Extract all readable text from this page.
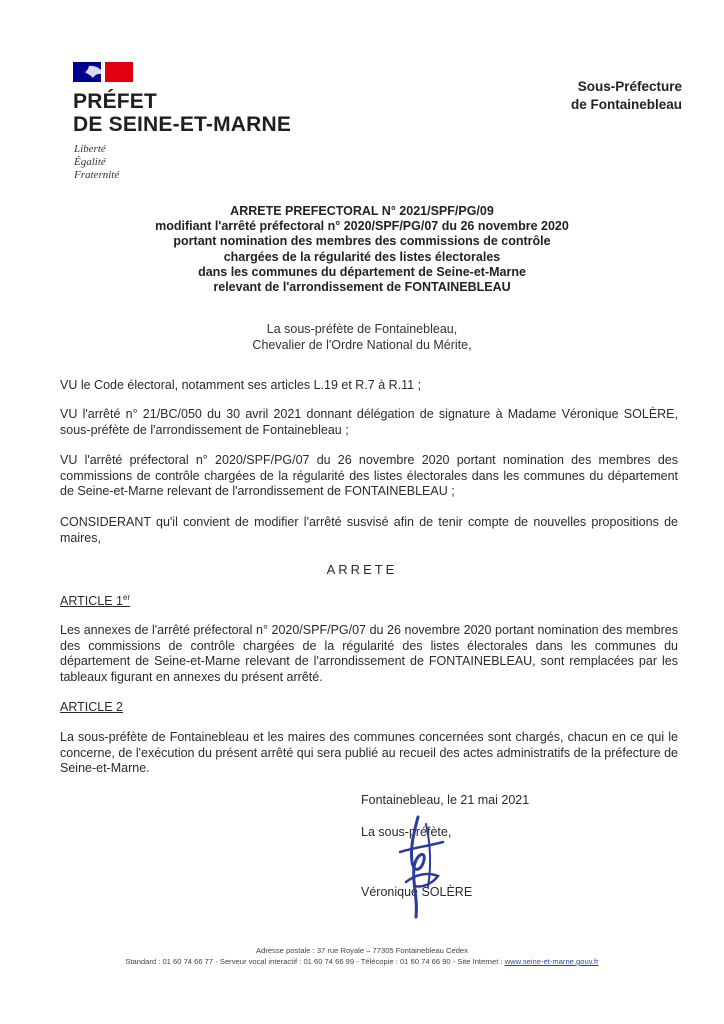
PRÉFET
DE SEINE-ET-MARNE
Liberté
Égalité
Fraternité
Sous-Préfecture
de Fontainebleau
ARRETE PREFECTORAL N° 2021/SPF/PG/09
modifiant l'arrêté préfectoral n° 2020/SPF/PG/07 du 26 novembre 2020
portant nomination des membres des commissions de contrôle
chargées de la régularité des listes électorales
dans les communes du département de Seine-et-Marne
relevant de l'arrondissement de FONTAINEBLEAU
La sous-préfète de Fontainebleau,
Chevalier de l'Ordre National du Mérite,
VU le Code électoral, notamment ses articles L.19 et R.7 à R.11 ;
VU l'arrêté n° 21/BC/050 du 30 avril 2021 donnant délégation de signature à Madame Véronique SOLÈRE, sous-préfète de l'arrondissement de Fontainebleau ;
VU l'arrêté préfectoral n° 2020/SPF/PG/07 du 26 novembre 2020 portant nomination des membres des commissions de contrôle chargées de la régularité des listes électorales dans les communes du département de Seine-et-Marne relevant de l'arrondissement de FONTAINEBLEAU ;
CONSIDERANT qu'il convient de modifier l'arrêté susvisé afin de tenir compte de nouvelles propositions de maires,
ARRETE
ARTICLE 1er
Les annexes de l'arrêté préfectoral n° 2020/SPF/PG/07 du 26 novembre 2020 portant nomination des membres des commissions de contrôle chargées de la régularité des listes électorales dans les communes du département de Seine-et-Marne relevant de l'arrondissement de FONTAINEBLEAU, sont remplacées par les tableaux figurant en annexes du présent arrêté.
ARTICLE 2
La sous-préfète de Fontainebleau et les maires des communes concernées sont chargés, chacun en ce qui le concerne, de l'exécution du présent arrêté qui sera publié au recueil des actes administratifs de la préfecture de Seine-et-Marne.
Fontainebleau, le 21 mai 2021
La sous-préfète,
Véronique SOLÈRE
Adresse postale : 37 rue Royale – 77305 Fontainebleau Cedex
Standard : 01 60 74 66 77 - Serveur vocal interactif : 01 60 74 66 99 - Télécopie : 01 60 74 66 90 - Site Internet : www.seine-et-marne.gouv.fr
